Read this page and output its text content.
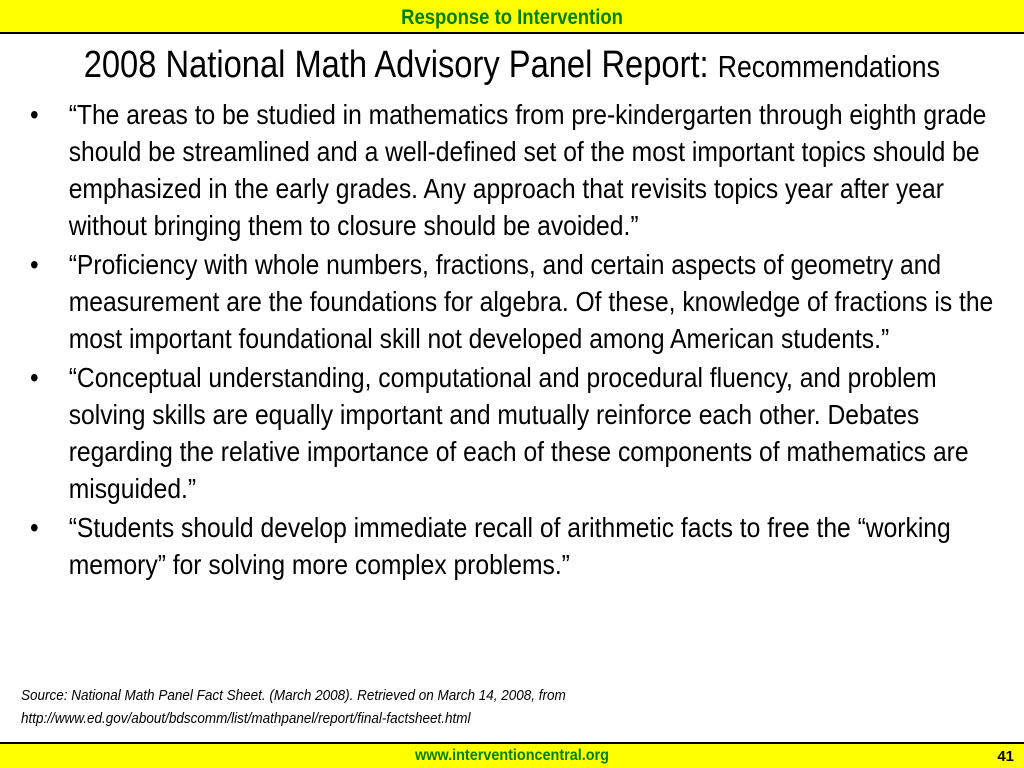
Response to Intervention
2008 National Math Advisory Panel Report: Recommendations
• “The areas to be studied in mathematics from pre-kindergarten through eighth grade should be streamlined and a well-defined set of the most important topics should be emphasized in the early grades. Any approach that revisits topics year after year without bringing them to closure should be avoided.”
• “Proficiency with whole numbers, fractions, and certain aspects of geometry and measurement are the foundations for algebra. Of these, knowledge of fractions is the most important foundational skill not developed among American students.”
• “Conceptual understanding, computational and procedural fluency, and problem solving skills are equally important and mutually reinforce each other. Debates regarding the relative importance of each of these components of mathematics are misguided.”
• “Students should develop immediate recall of arithmetic facts to free the “working memory” for solving more complex problems.”
Source: National Math Panel Fact Sheet. (March 2008). Retrieved on March 14, 2008, from
http://www.ed.gov/about/bdscomm/list/mathpanel/report/final-factsheet.html
www.interventioncentral.org	41
